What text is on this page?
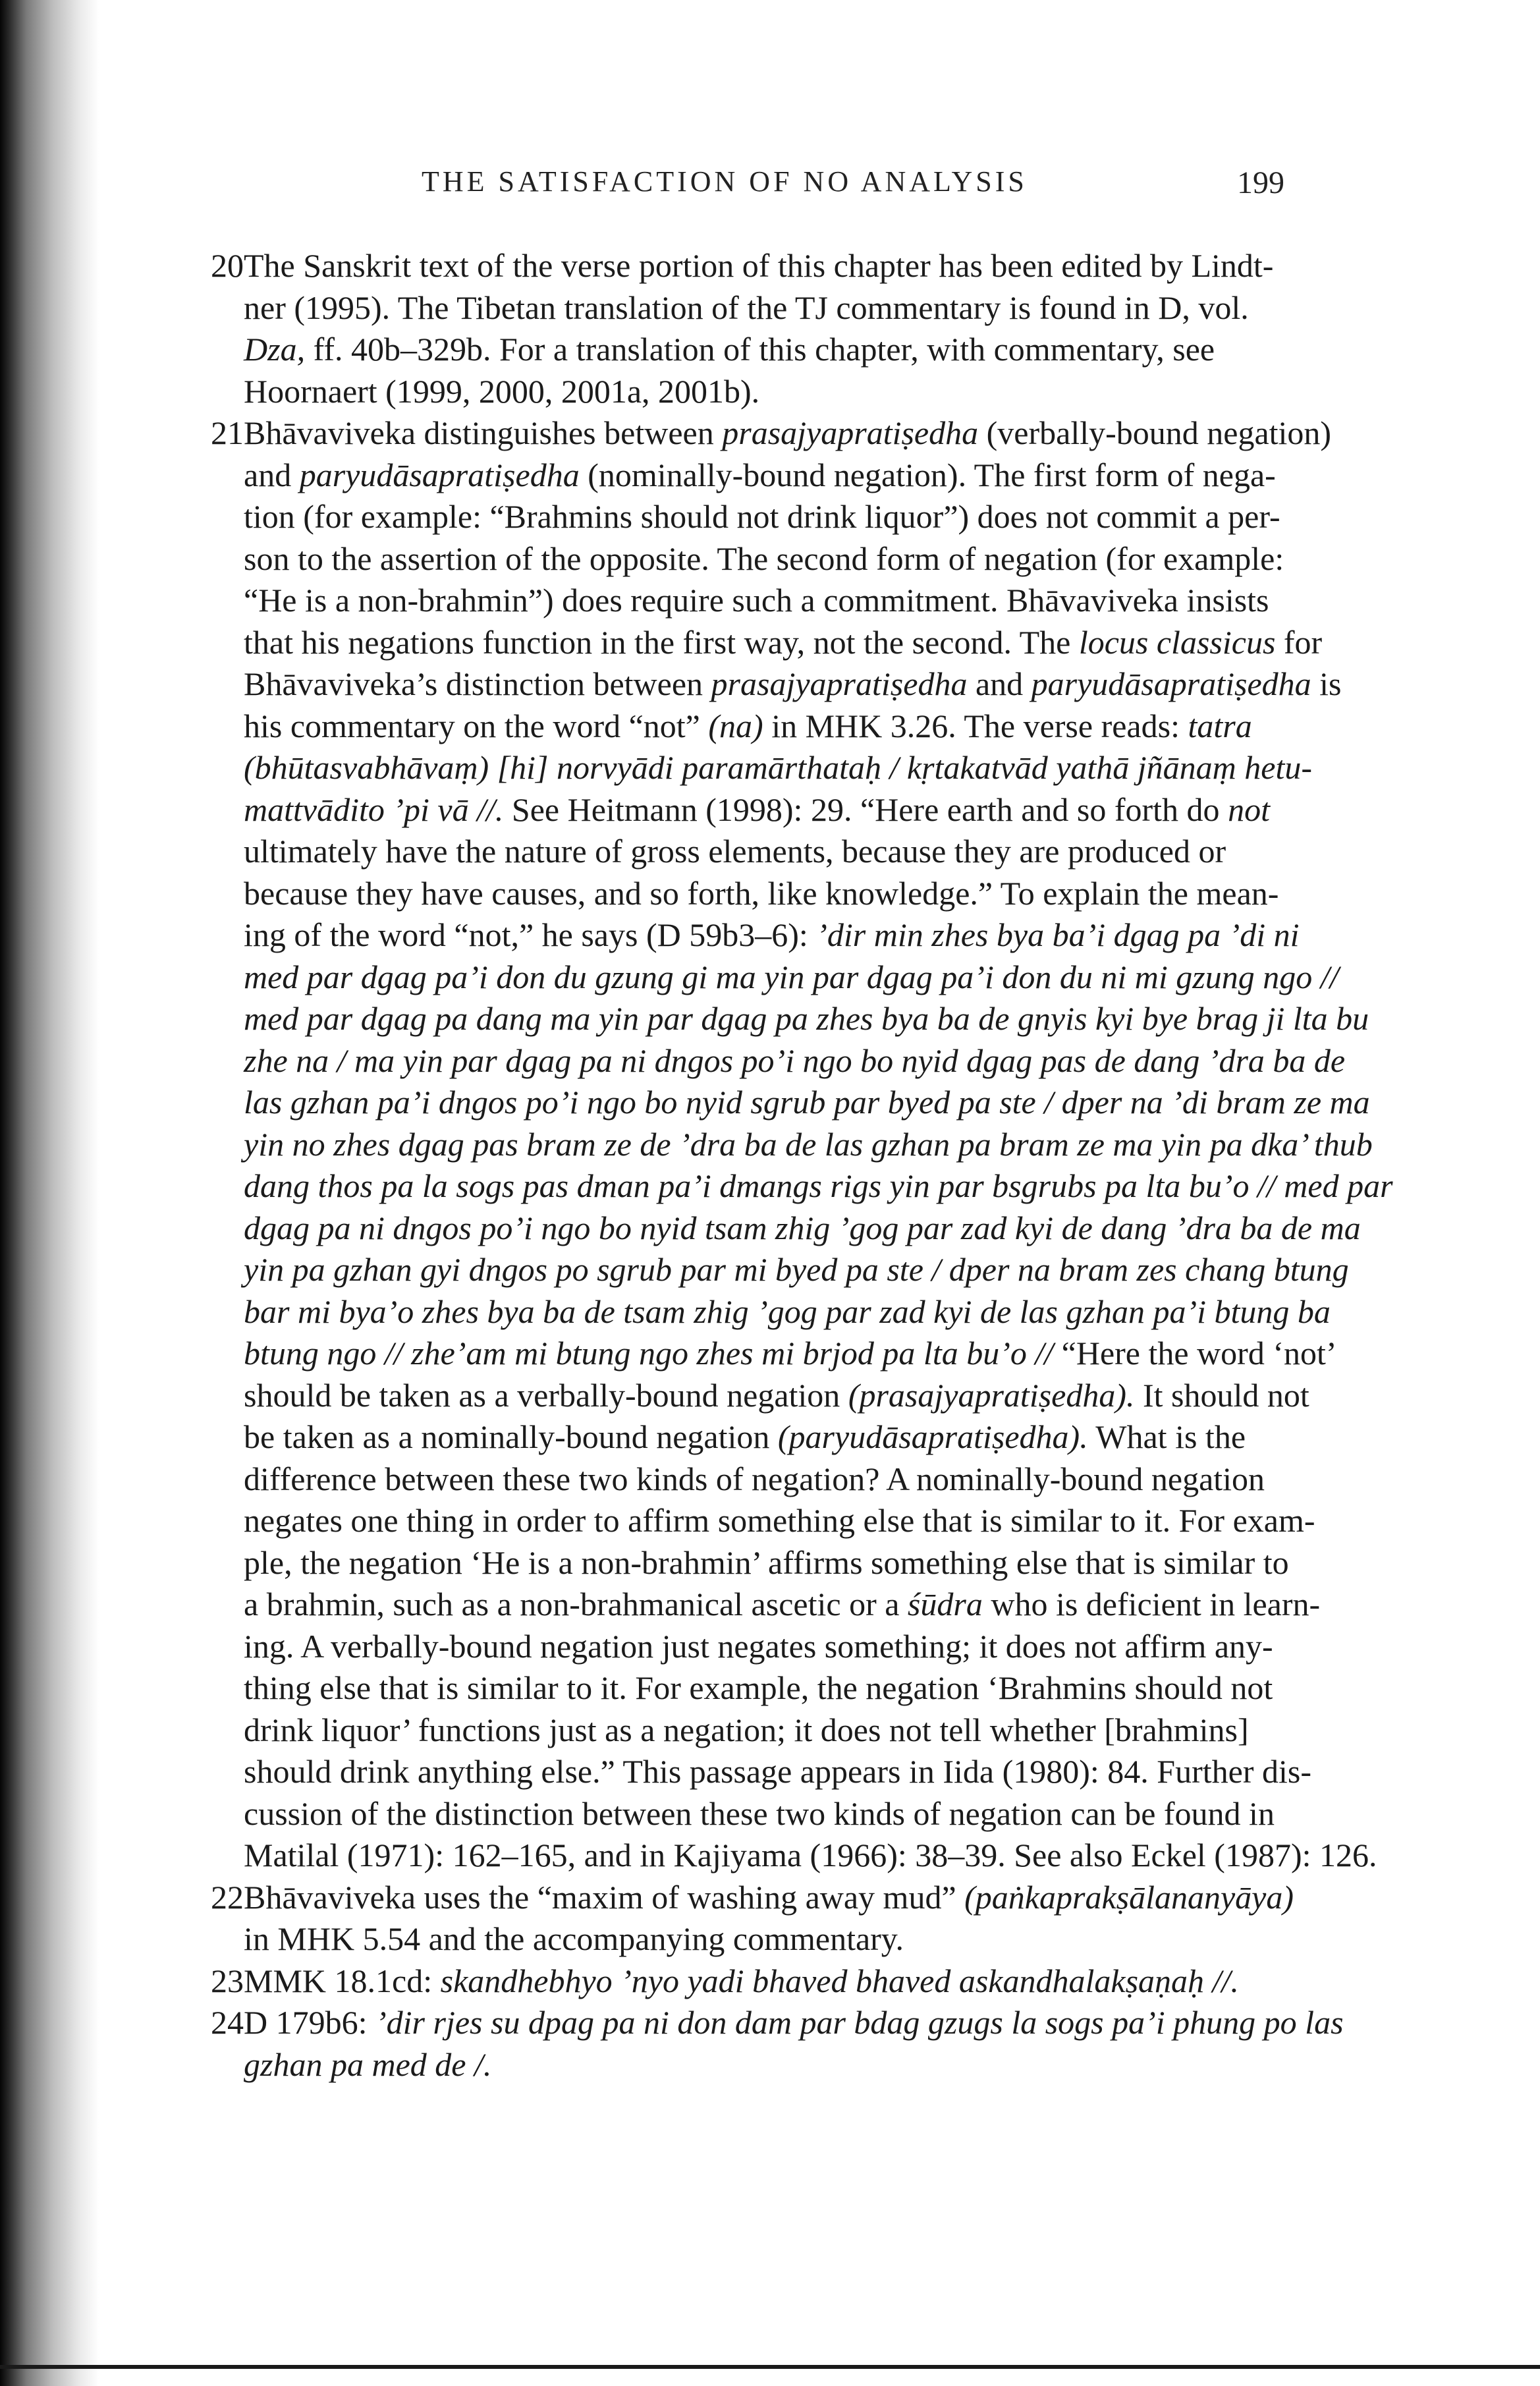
THE SATISFACTION OF NO ANALYSIS	199
20 The Sanskrit text of the verse portion of this chapter has been edited by Lindt-
ner (1995). The Tibetan translation of the TJ commentary is found in D, vol.
Dza, ff. 40b–329b. For a translation of this chapter, with commentary, see
Hoornaert (1999, 2000, 2001a, 2001b).
21 Bhāvaviveka distinguishes between prasajyapratiṣedha (verbally-bound negation)
and paryudāsapratiṣedha (nominally-bound negation). The first form of nega-
tion (for example: “Brahmins should not drink liquor”) does not commit a per-
son to the assertion of the opposite. The second form of negation (for example:
“He is a non-brahmin”) does require such a commitment. Bhāvaviveka insists
that his negations function in the first way, not the second. The locus classicus for
Bhāvaviveka’s distinction between prasajyapratiṣedha and paryudāsapratiṣedha is
his commentary on the word “not” (na) in MHK 3.26. The verse reads: tatra
(bhūtasvabhāvaṃ) [hi] norvyādi paramārthataḥ / kṛtakatvād yathā jñānaṃ hetu-
mattvādito ’pi vā //. See Heitmann (1998): 29. “Here earth and so forth do not
ultimately have the nature of gross elements, because they are produced or
because they have causes, and so forth, like knowledge.” To explain the mean-
ing of the word “not,” he says (D 59b3–6): ’dir min zhes bya ba’i dgag pa ’di ni
med par dgag pa’i don du gzung gi ma yin par dgag pa’i don du ni mi gzung ngo //
med par dgag pa dang ma yin par dgag pa zhes bya ba de gnyis kyi bye brag ji lta bu
zhe na / ma yin par dgag pa ni dngos po’i ngo bo nyid dgag pas de dang ’dra ba de
las gzhan pa’i dngos po’i ngo bo nyid sgrub par byed pa ste / dper na ’di bram ze ma
yin no zhes dgag pas bram ze de ’dra ba de las gzhan pa bram ze ma yin pa dka’ thub
dang thos pa la sogs pas dman pa’i dmangs rigs yin par bsgrubs pa lta bu’o // med par
dgag pa ni dngos po’i ngo bo nyid tsam zhig ’gog par zad kyi de dang ’dra ba de ma
yin pa gzhan gyi dngos po sgrub par mi byed pa ste / dper na bram zes chang btung
bar mi bya’o zhes bya ba de tsam zhig ’gog par zad kyi de las gzhan pa’i btung ba
btung ngo // zhe’am mi btung ngo zhes mi brjod pa lta bu’o // “Here the word ‘not’
should be taken as a verbally-bound negation (prasajyapratiṣedha). It should not
be taken as a nominally-bound negation (paryudāsapratiṣedha). What is the
difference between these two kinds of negation? A nominally-bound negation
negates one thing in order to affirm something else that is similar to it. For exam-
ple, the negation ‘He is a non-brahmin’ affirms something else that is similar to
a brahmin, such as a non-brahmanical ascetic or a śūdra who is deficient in learn-
ing. A verbally-bound negation just negates something; it does not affirm any-
thing else that is similar to it. For example, the negation ‘Brahmins should not
drink liquor’ functions just as a negation; it does not tell whether [brahmins]
should drink anything else.” This passage appears in Iida (1980): 84. Further dis-
cussion of the distinction between these two kinds of negation can be found in
Matilal (1971): 162–165, and in Kajiyama (1966): 38–39. See also Eckel (1987): 126.
22 Bhāvaviveka uses the “maxim of washing away mud” (paṅkaprakṣālananyāya)
in MHK 5.54 and the accompanying commentary.
23 MMK 18.1cd: skandhebhyo ’nyo yadi bhaved bhaved askandhalakṣaṇaḥ //.
24 D 179b6: ’dir rjes su dpag pa ni don dam par bdag gzugs la sogs pa’i phung po las
gzhan pa med de /.
